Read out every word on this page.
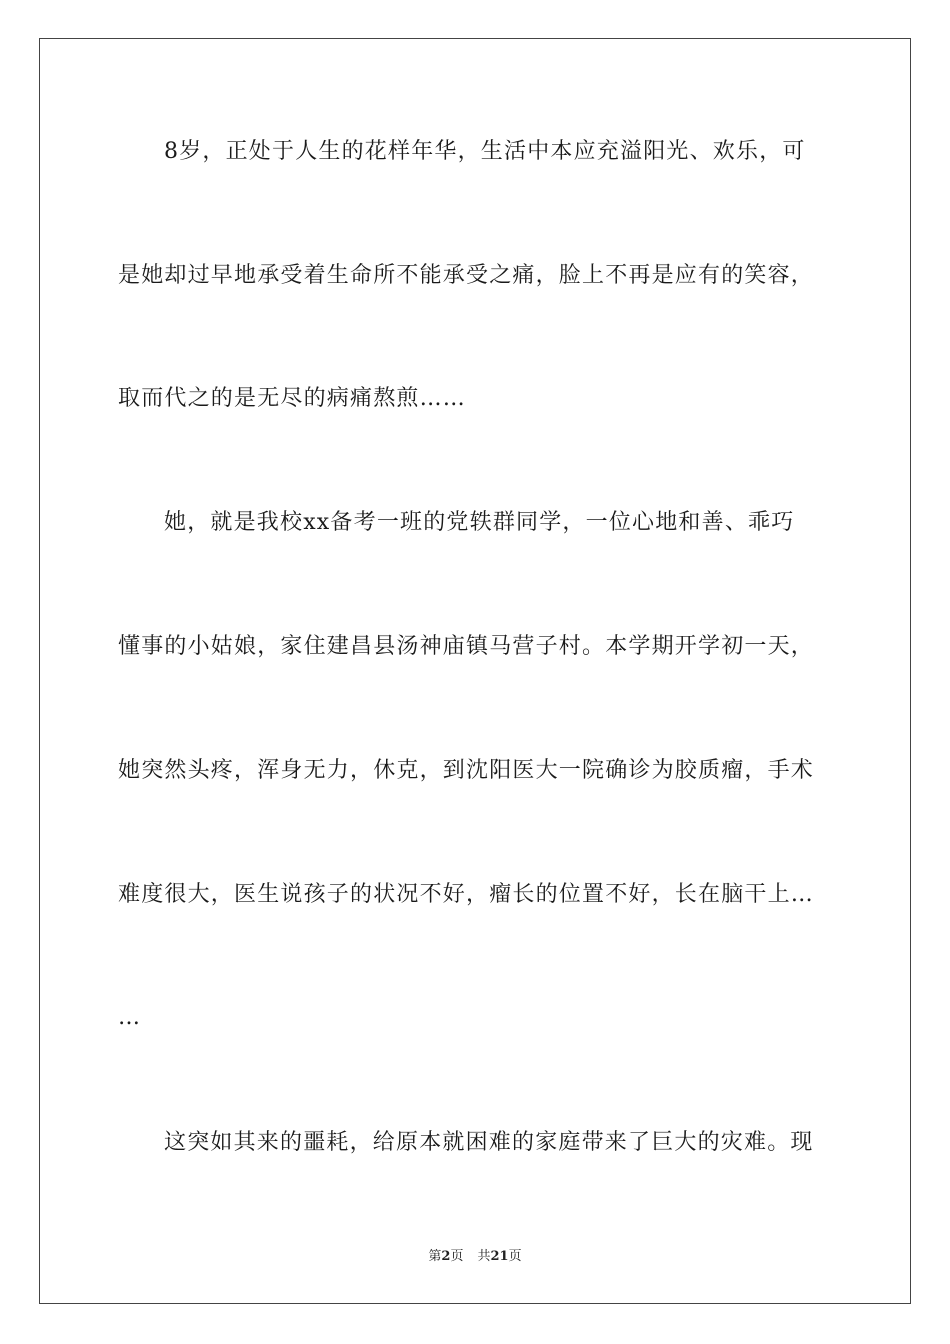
8岁，正处于人生的花样年华，生活中本应充溢阳光、欢乐，可
是她却过早地承受着生命所不能承受之痛，脸上不再是应有的笑容，
取而代之的是无尽的病痛熬煎……
她，就是我校xx备考一班的党轶群同学，一位心地和善、乖巧
懂事的小姑娘，家住建昌县汤神庙镇马营子村。本学期开学初一天，
她突然头疼，浑身无力，休克，到沈阳医大一院确诊为胶质瘤，手术
难度很大，医生说孩子的状况不好，瘤长的位置不好，长在脑干上…
…
这突如其来的噩耗，给原本就困难的家庭带来了巨大的灾难。现
第2页 共21页
